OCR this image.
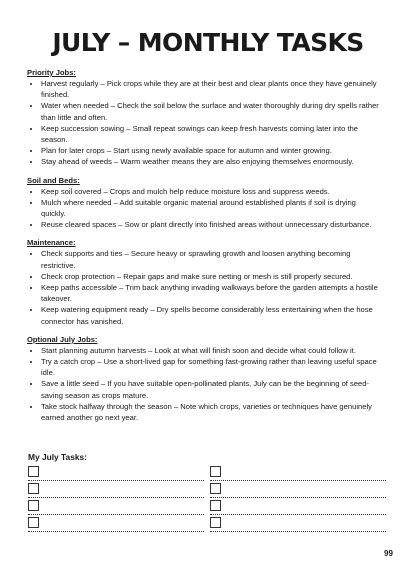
JULY – MONTHLY TASKS
Priority Jobs:
• Harvest regularly – Pick crops while they are at their best and clear plants once they have genuinely finished.
• Water when needed – Check the soil below the surface and water thoroughly during dry spells rather than little and often.
• Keep succession sowing – Small repeat sowings can keep fresh harvests coming later into the season.
• Plan for later crops – Start using newly available space for autumn and winter growing.
• Stay ahead of weeds – Warm weather means they are also enjoying themselves enormously.
Soil and Beds:
• Keep soil covered – Crops and mulch help reduce moisture loss and suppress weeds.
• Mulch where needed – Add suitable organic material around established plants if soil is drying quickly.
• Reuse cleared spaces – Sow or plant directly into finished areas without unnecessary disturbance.
Maintenance:
• Check supports and ties – Secure heavy or sprawling growth and loosen anything becoming restrictive.
• Check crop protection – Repair gaps and make sure netting or mesh is still properly secured.
• Keep paths accessible – Trim back anything invading walkways before the garden attempts a hostile takeover.
• Keep watering equipment ready – Dry spells become considerably less entertaining when the hose connector has vanished.
Optional July Jobs:
• Start planning autumn harvests – Look at what will finish soon and decide what could follow it.
• Try a catch crop – Use a short-lived gap for something fast-growing rather than leaving useful space idle.
• Save a little seed – If you have suitable open-pollinated plants, July can be the beginning of seed-saving season as crops mature.
• Take stock halfway through the season – Note which crops, varieties or techniques have genuinely earned another go next year.
My July Tasks:
99
